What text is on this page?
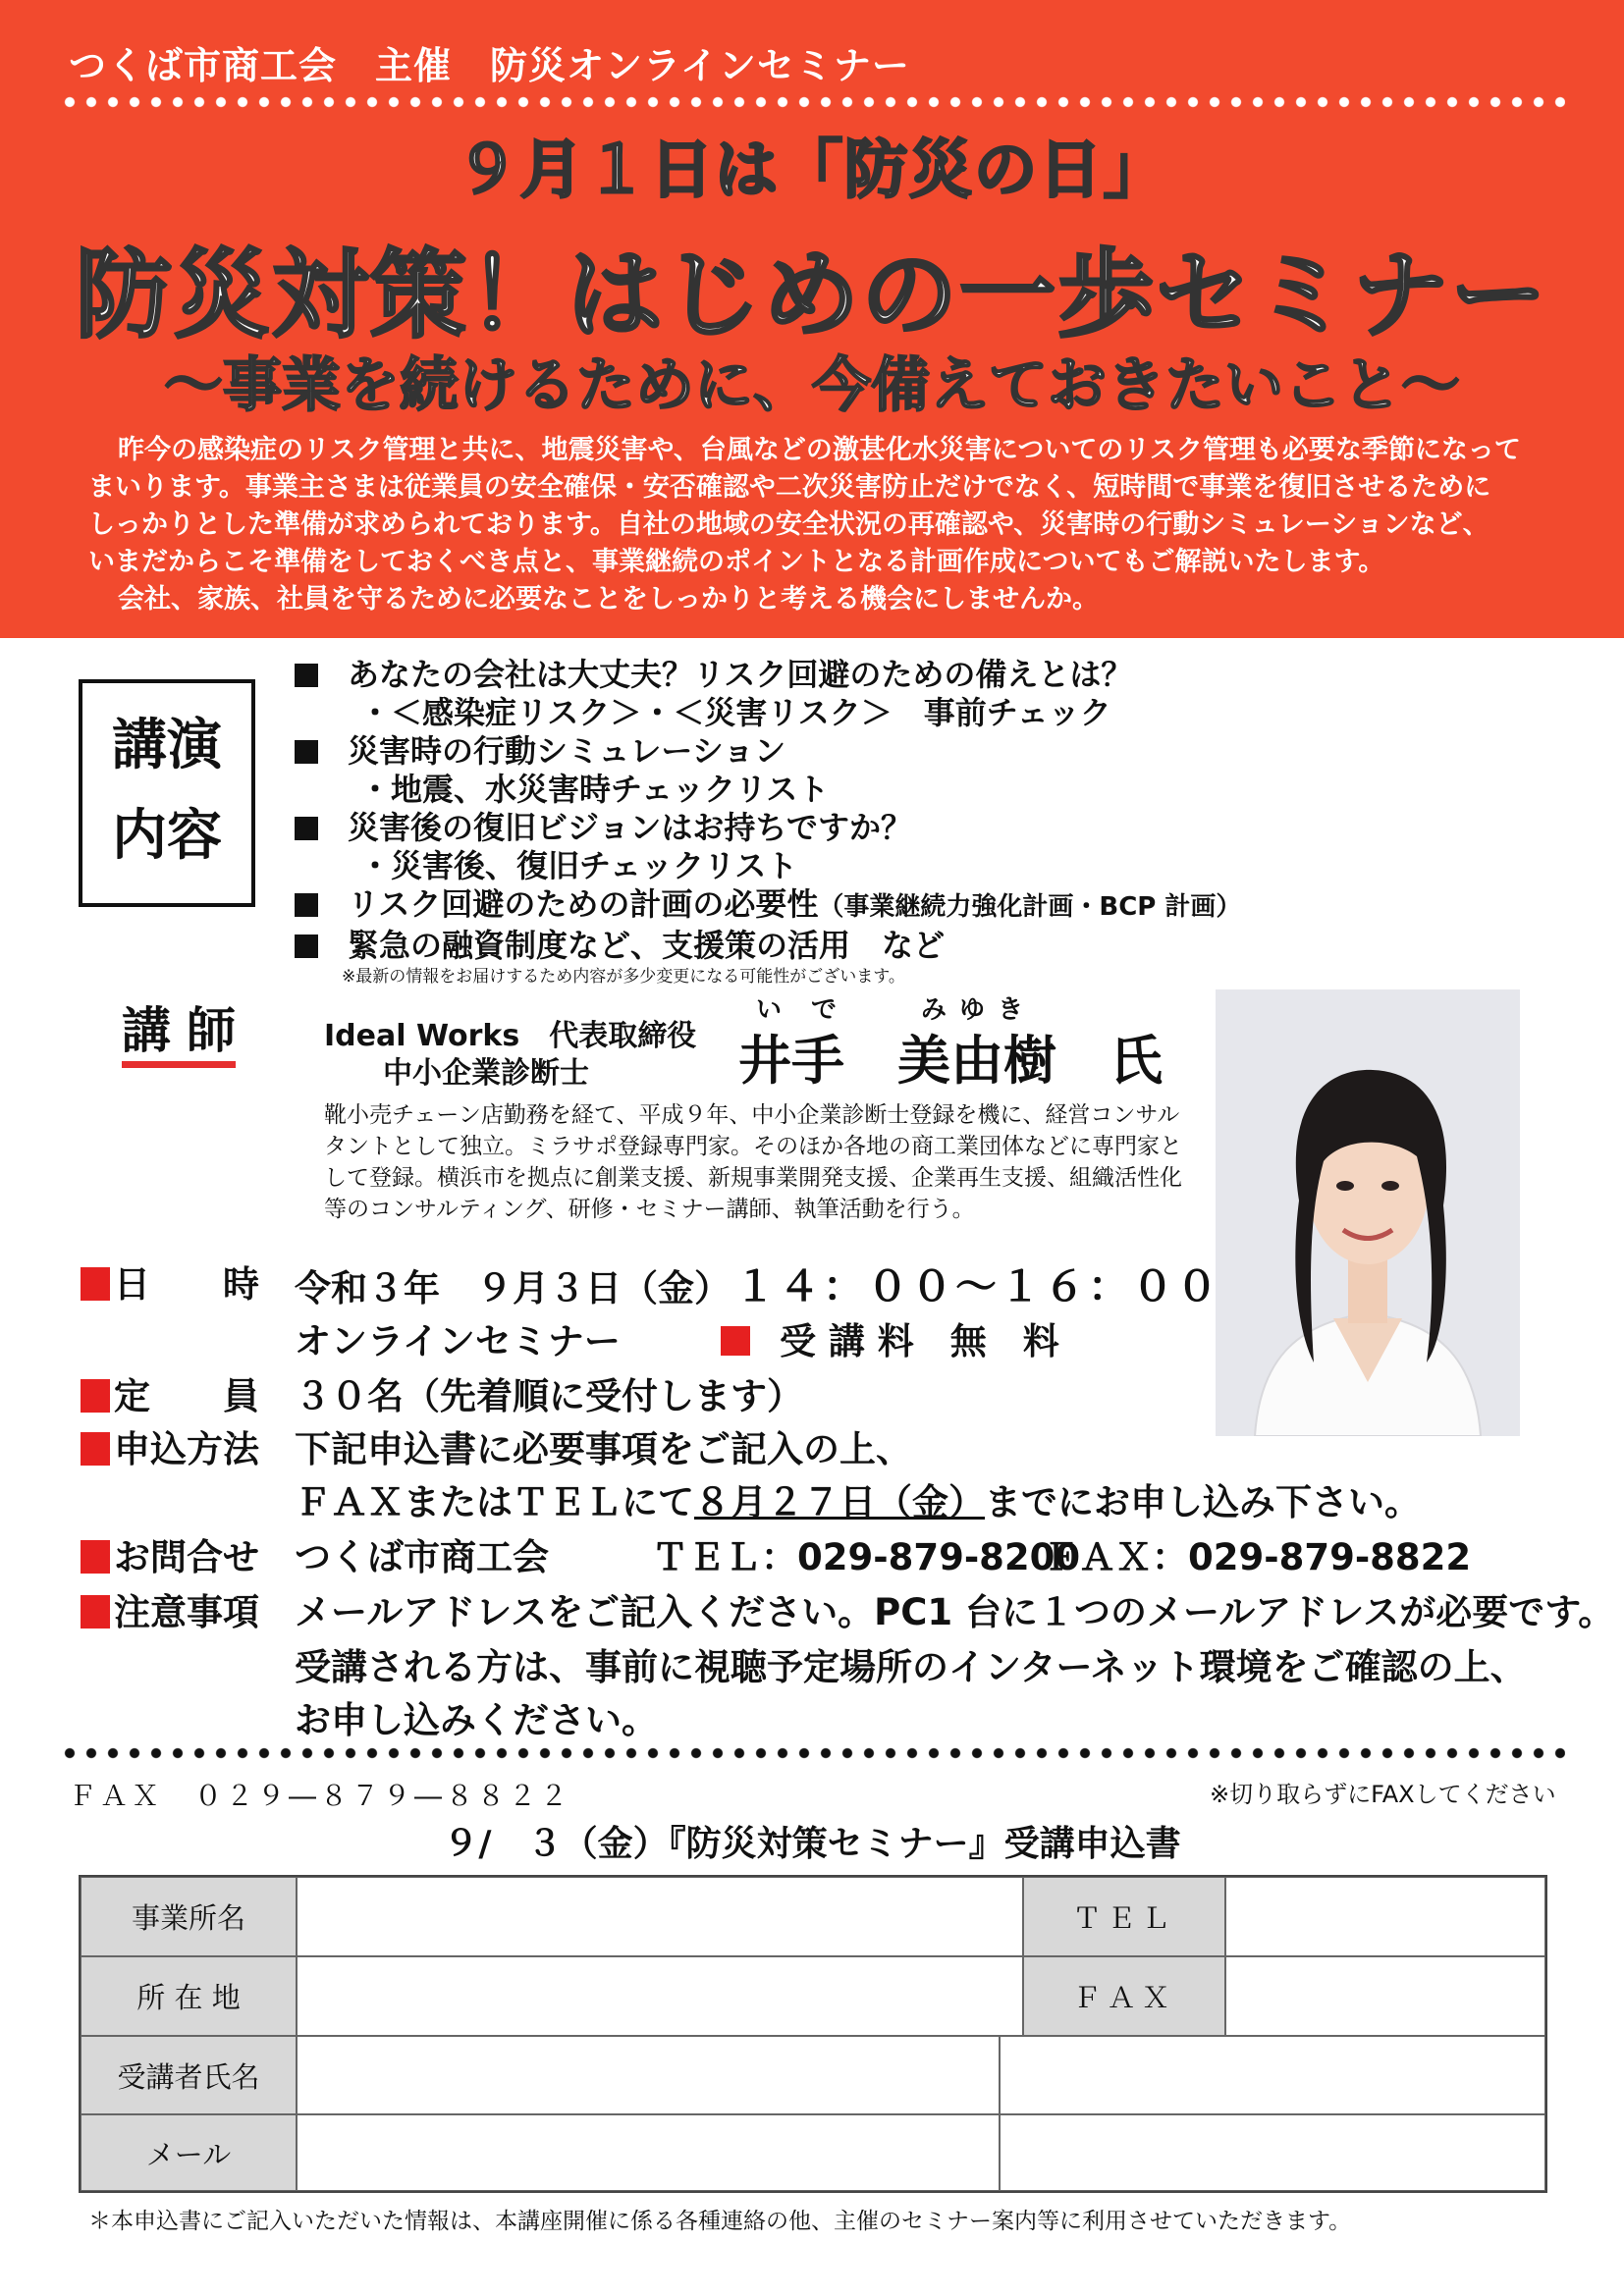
つくば市商工会　主催　防災オンラインセミナー
９月１日は「防災の日」
防災対策！はじめの一歩セミナー
～事業を続けるために、今備えておきたいこと～

昨今の感染症のリスク管理と共に、地震災害や、台風などの激甚化水災害についてのリスク管理も必要な季節になって

まいります。事業主さまは従業員の安全確保・安否確認や二次災害防止だけでなく、短時間で事業を復旧させるために

しっかりとした準備が求められております。自社の地域の安全状況の再確認や、災害時の行動シミュレーションなど、

いまだからこそ準備をしておくべき点と、事業継続のポイントとなる計画作成についてもご解説いたします。

会社、家族、社員を守るために必要なことをしっかりと考える機会にしませんか。

講演
内容
あなたの会社は大丈夫？リスク回避のための備えとは？
・＜感染症リスク＞・＜災害リスク＞　事前チェック
災害時の行動シミュレーション
・地震、水災害時チェックリスト
災害後の復旧ビジョンはお持ちですか？
・災害後、復旧チェックリスト
リスク回避のための計画の必要性（事業継続力強化計画・BCP 計画）
緊急の融資制度など、支援策の活用　など
※最新の情報をお届けするため内容が多少変更になる可能性がございます。
講師 Ideal Works　代表取締役
中小企業診断士
い　で　　　み ゆ き
井手　美由樹　氏

靴小売チェーン店勤務を経て、平成９年、中小企業診断士登録を機に、経営コンサル

タントとして独立。ミラサポ登録専門家。そのほか各地の商工業団体などに専門家と

して登録。横浜市を拠点に創業支援、新規事業開発支援、企業再生支援、組織活性化

等のコンサルティング、研修・セミナー講師、執筆活動を行う。

日　　時 令和３年　９月３日（金）１４：００～１６：００
オンラインセミナー	受 講 料　無　料
定　　員 ３０名（先着順に受付します）
申込方法 下記申込書に必要事項をご記入の上、
ＦＡＸまたはＴＥＬにて８月２７日（金）までにお申し込み下さい。
お問合せ つくば市商工会	ＴＥＬ：029-879-8200
ＦＡＸ：029-879-8822
注意事項 メールアドレスをご記入ください。PC1 台に１つのメールアドレスが必要です。
受講される方は、事前に視聴予定場所のインターネット環境をご確認の上、
お申し込みください。
ＦＡＸ　０２９―８７９―８８２２	※切り取らずにFAXしてください
９/　３（金）『防災対策セミナー』受講申込書
事業所名	ＴＥＬ
所 在 地	ＦＡＸ
受講者氏名
メール
＊本申込書にご記入いただいた情報は、本講座開催に係る各種連絡の他、主催のセミナー案内等に利用させていただきます。
